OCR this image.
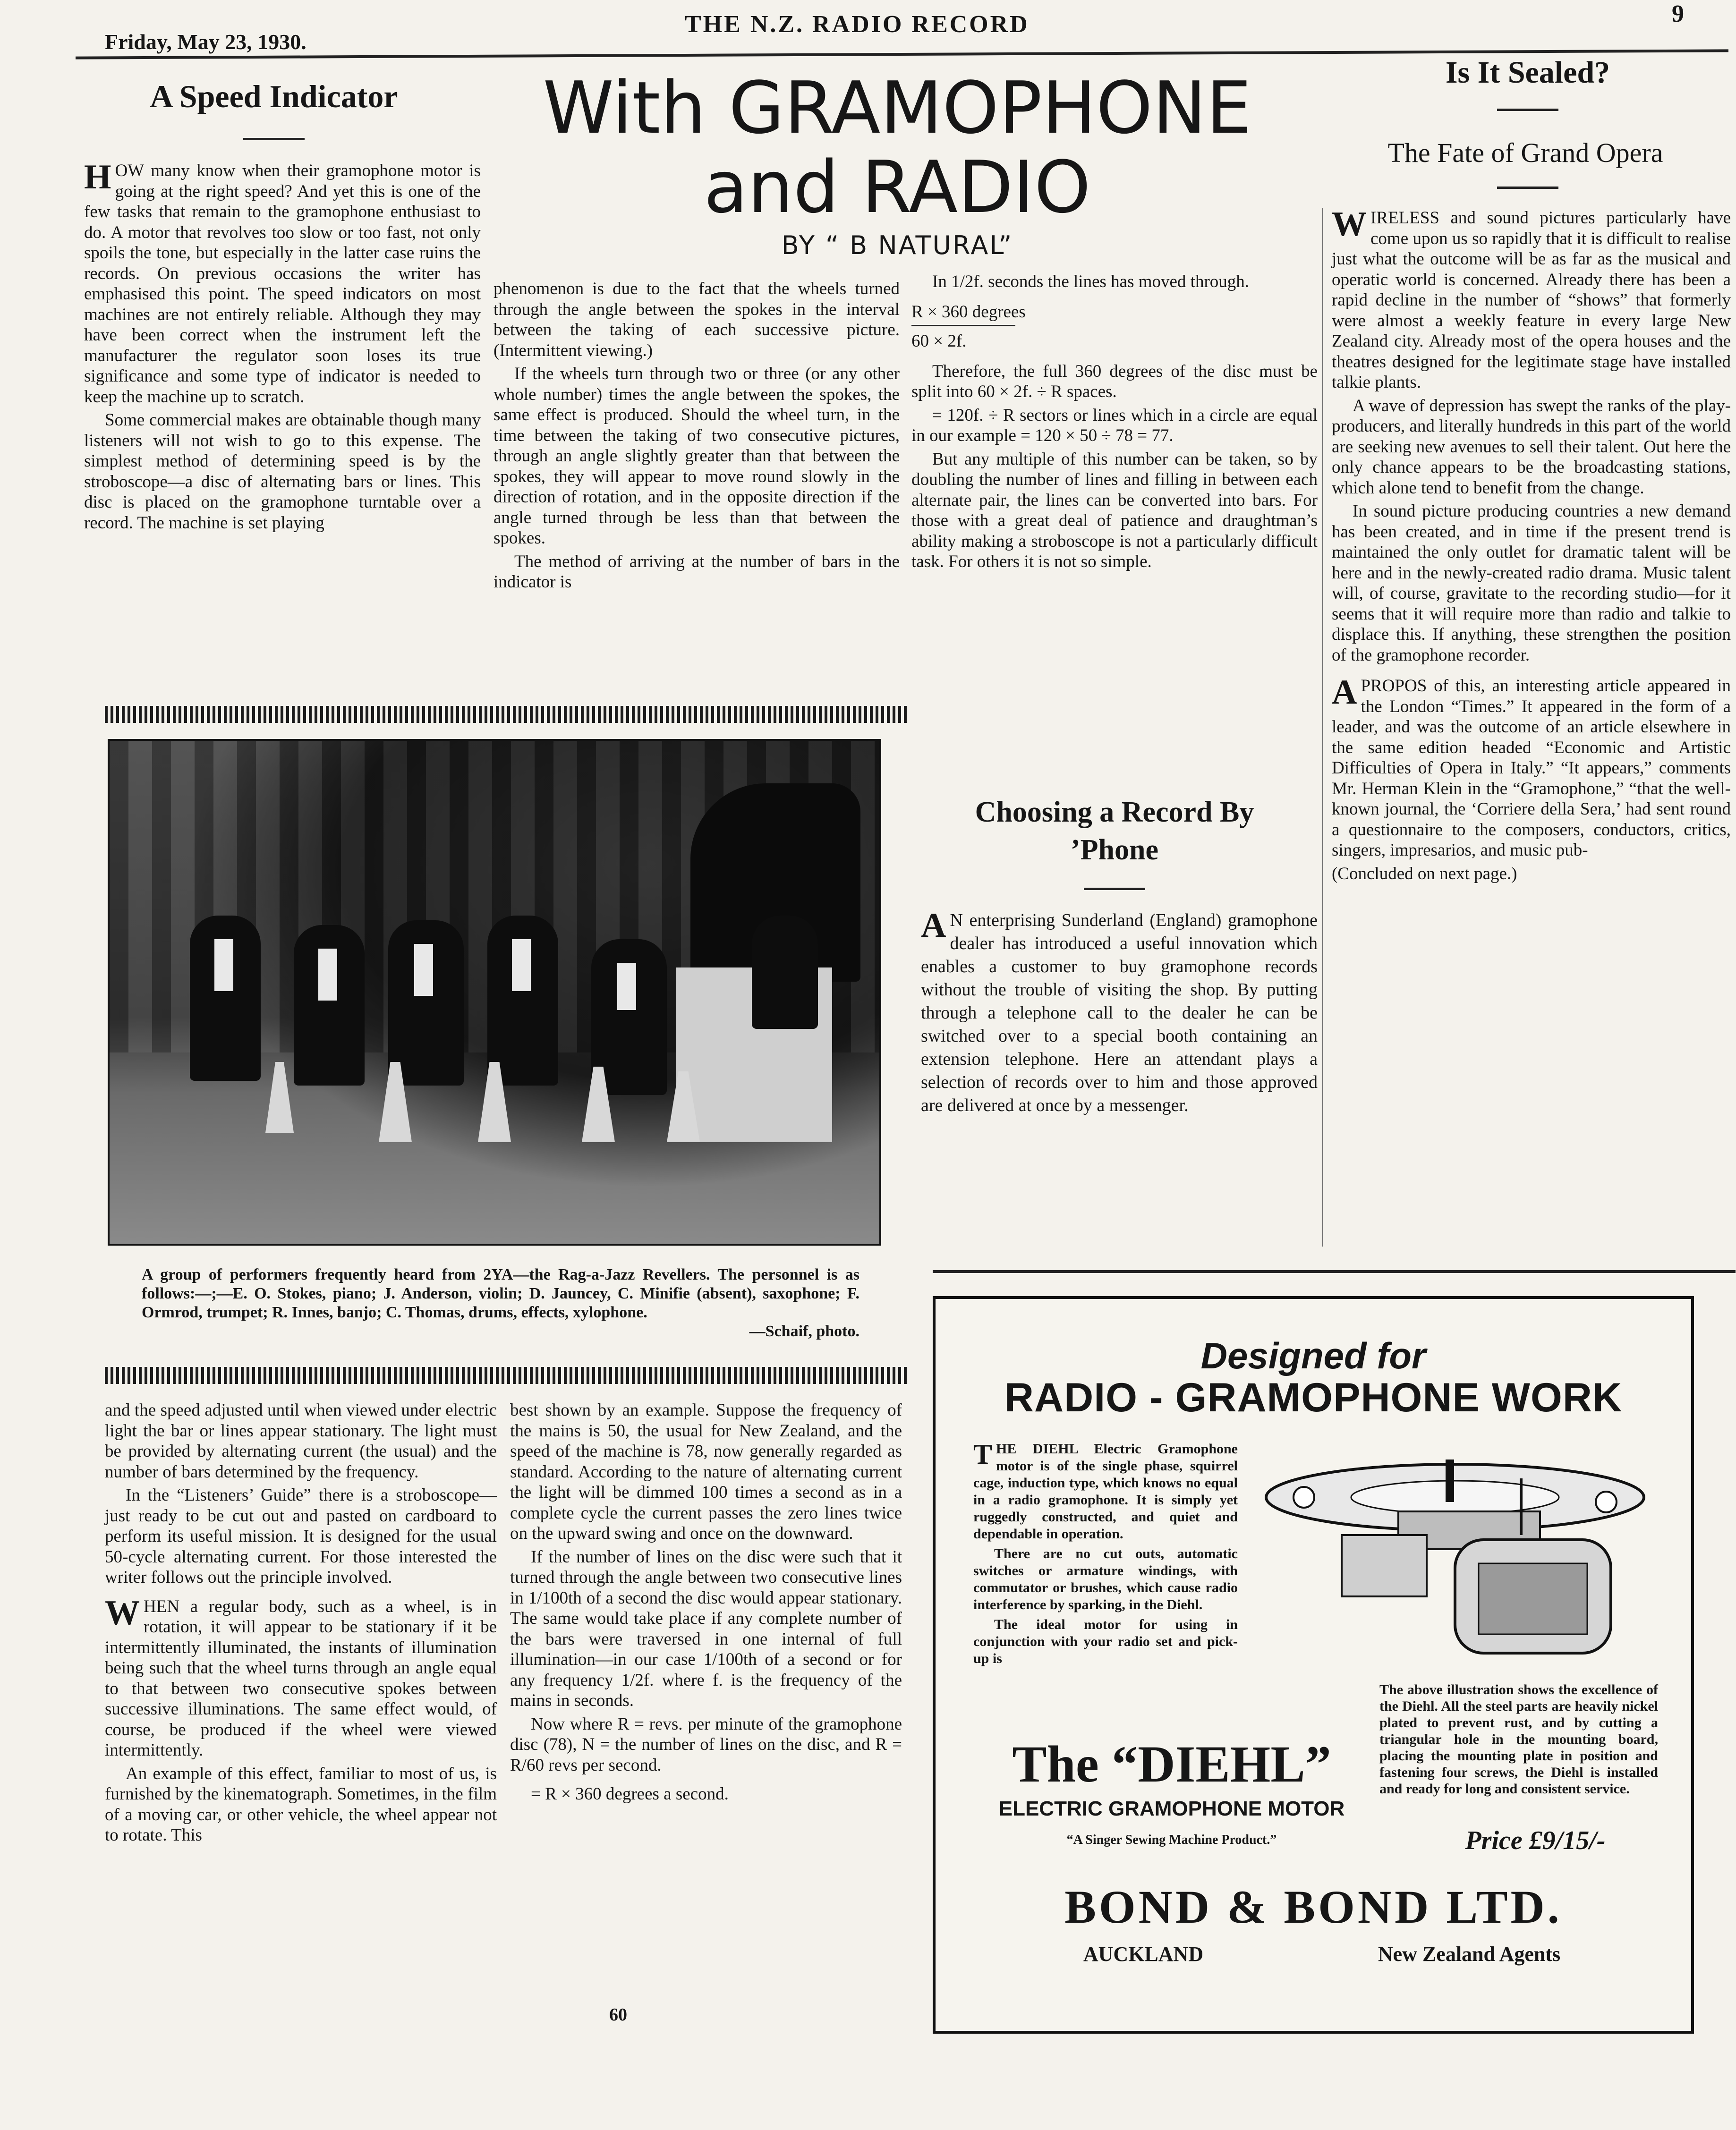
Friday, May 23, 1930.
THE N.Z. RADIO RECORD	9
A Speed Indicator

HOW many know when their gramophone motor is going at the right speed? And yet this is one of the few tasks that remain to the gramophone enthusiast to do. A motor that revolves too slow or too fast, not only spoils the tone, but especially in the latter case ruins the records. On previous occasions the writer has emphasised this point. The speed indicators on most machines are not entirely reliable. Although they may have been correct when the instrument left the manufacturer the regulator soon loses its true significance and some type of indicator is needed to keep the machine up to scratch.

Some commercial makes are obtainable though many listeners will not wish to go to this expense. The simplest method of determining speed is by the stroboscope—a disc of alternating bars or lines. This disc is placed on the gramophone turntable over a record. The machine is set playing

With GRAMOPHONE
and RADIO
BY “ B NATURAL”

phenomenon is due to the fact that the wheels turned through the angle between the spokes in the interval between the taking of each successive picture. (Intermittent viewing.)

If the wheels turn through two or three (or any other whole number) times the angle between the spokes, the same effect is produced. Should the wheel turn, in the time between the taking of two consecutive pictures, through an angle slightly greater than that between the spokes, they will appear to move round slowly in the direction of rotation, and in the opposite direction if the angle turned through be less than that between the spokes.

The method of arriving at the number of bars in the indicator is

In 1/2f. seconds the lines has moved through.

R × 360 degrees

60 × 2f.

Therefore, the full 360 degrees of the disc must be split into 60 × 2f. ÷ R spaces.

= 120f. ÷ R sectors or lines which in a circle are equal in our example = 120 × 50 ÷ 78 = 77.

But any multiple of this number can be taken, so by doubling the number of lines and filling in between each alternate pair, the lines can be converted into bars. For those with a great deal of patience and draughtman’s ability making a stroboscope is not a particularly difficult task. For others it is not so simple.

A group of performers frequently heard from 2YA—the Rag-a-Jazz Revellers. The personnel is as follows:—;—E. O. Stokes, piano; J. Anderson, violin; D. Jauncey, C. Minifie (absent), saxophone; F. Ormrod, trumpet; R. Innes, banjo; C. Thomas, drums, effects, xylophone.
—Schaif, photo.

and the speed adjusted until when viewed under electric light the bar or lines appear stationary. The light must be provided by alternating current (the usual) and the number of bars determined by the frequency.

In the “Listeners’ Guide” there is a stroboscope—just ready to be cut out and pasted on cardboard to perform its useful mission. It is designed for the usual 50-cycle alternating current. For those interested the writer follows out the principle involved.

WHEN a regular body, such as a wheel, is in rotation, it will appear to be stationary if it be intermittently illuminated, the instants of illumination being such that the wheel turns through an angle equal to that between two consecutive spokes between successive illuminations. The same effect would, of course, be produced if the wheel were viewed intermittently.

An example of this effect, familiar to most of us, is furnished by the kinematograph. Sometimes, in the film of a moving car, or other vehicle, the wheel appear not to rotate. This

best shown by an example. Suppose the frequency of the mains is 50, the usual for New Zealand, and the speed of the machine is 78, now generally regarded as standard. According to the nature of alternating current the light will be dimmed 100 times a second as in a complete cycle the current passes the zero lines twice on the upward swing and once on the downward.

If the number of lines on the disc were such that it turned through the angle between two consecutive lines in 1/100th of a second the disc would appear stationary. The same would take place if any complete number of the bars were traversed in one internal of full illumination—in our case 1/100th of a second or for any frequency 1/2f. where f. is the frequency of the mains in seconds.

Now where R = revs. per minute of the gramophone disc (78), N = the number of lines on the disc, and R = R/60 revs per second.

= R × 360 degrees a second.

60
Choosing a Record By ’Phone

A N enterprising Sunderland (England) gramophone dealer has introduced a useful innovation which enables a customer to buy gramophone records without the trouble of visiting the shop. By putting through a telephone call to the dealer he can be switched over to a special booth containing an extension telephone. Here an attendant plays a selection of records over to him and those approved are delivered at once by a messenger.

Is It Sealed?
The Fate of Grand Opera

WIRELESS and sound pictures particularly have come upon us so rapidly that it is difficult to realise just what the outcome will be as far as the musical and operatic world is concerned. Already there has been a rapid decline in the number of “shows” that formerly were almost a weekly feature in every large New Zealand city. Already most of the opera houses and the theatres designed for the legitimate stage have installed talkie plants.

A wave of depression has swept the ranks of the play-producers, and literally hundreds in this part of the world are seeking new avenues to sell their talent. Out here the only chance appears to be the broadcasting stations, which alone tend to benefit from the change.

In sound picture producing countries a new demand has been created, and in time if the present trend is maintained the only outlet for dramatic talent will be here and in the newly-created radio drama. Music talent will, of course, gravitate to the recording studio—for it seems that it will require more than radio and talkie to displace this. If anything, these strengthen the position of the gramophone recorder.

APROPOS of this, an interesting article appeared in the London “Times.” It appeared in the form of a leader, and was the outcome of an article elsewhere in the same edition headed “Economic and Artistic Difficulties of Opera in Italy.” “It appears,” comments Mr. Herman Klein in the “Gramophone,” “that the well-known journal, the ‘Corriere della Sera,’ had sent round a questionnaire to the composers, conductors, critics, singers, impresarios, and music pub-

(Concluded on next page.)

Designed for
RADIO - GRAMOPHONE WORK

THE DIEHL Electric Gramophone motor is of the single phase, squirrel cage, induction type, which knows no equal in a radio gramophone. It is simply yet ruggedly constructed, and quiet and dependable in operation.

There are no cut outs, automatic switches or armature windings, with commutator or brushes, which cause radio interference by sparking, in the Diehl.

The ideal motor for using in conjunction with your radio set and pick-up is

The above illustration shows the excellence of the Diehl. All the steel parts are heavily nickel plated to prevent rust, and by cutting a triangular hole in the mounting board, placing the mounting plate in position and fastening four screws, the Diehl is installed and ready for long and consistent service.

The “DIEHL”
ELECTRIC GRAMOPHONE MOTOR
“A Singer Sewing Machine Product.”	Price £9/15/-
BOND & BOND LTD.
AUCKLAND	New Zealand Agents
